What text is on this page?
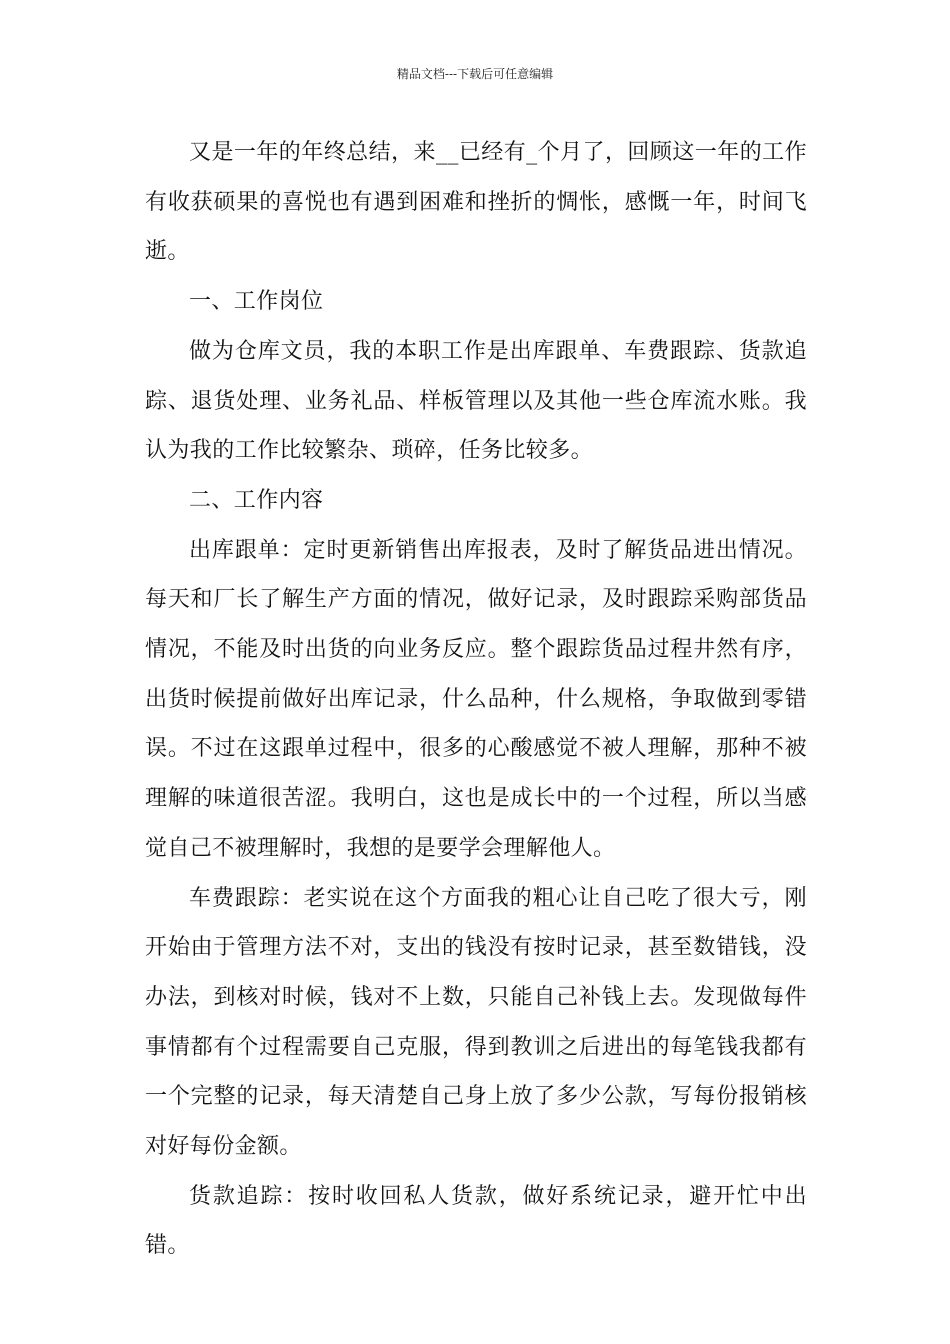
精品文档---下载后可任意编辑

又是一年的年终总结，来__已经有_个月了，回顾这一年的工作有收获硕果的喜悦也有遇到困难和挫折的惆怅，感慨一年，时间飞逝。

一、工作岗位

做为仓库文员，我的本职工作是出库跟单、车费跟踪、货款追踪、退货处理、业务礼品、样板管理以及其他一些仓库流水账。我认为我的工作比较繁杂、琐碎，任务比较多。

二、工作内容

出库跟单：定时更新销售出库报表，及时了解货品进出情况。每天和厂长了解生产方面的情况，做好记录，及时跟踪采购部货品情况，不能及时出货的向业务反应。整个跟踪货品过程井然有序，出货时候提前做好出库记录，什么品种，什么规格，争取做到零错误。不过在这跟单过程中，很多的心酸感觉不被人理解，那种不被理解的味道很苦涩。我明白，这也是成长中的一个过程，所以当感觉自己不被理解时，我想的是要学会理解他人。

车费跟踪：老实说在这个方面我的粗心让自己吃了很大亏，刚开始由于管理方法不对，支出的钱没有按时记录，甚至数错钱，没办法，到核对时候，钱对不上数，只能自己补钱上去。发现做每件事情都有个过程需要自己克服，得到教训之后进出的每笔钱我都有一个完整的记录，每天清楚自己身上放了多少公款，写每份报销核对好每份金额。

货款追踪：按时收回私人货款，做好系统记录，避开忙中出错。
